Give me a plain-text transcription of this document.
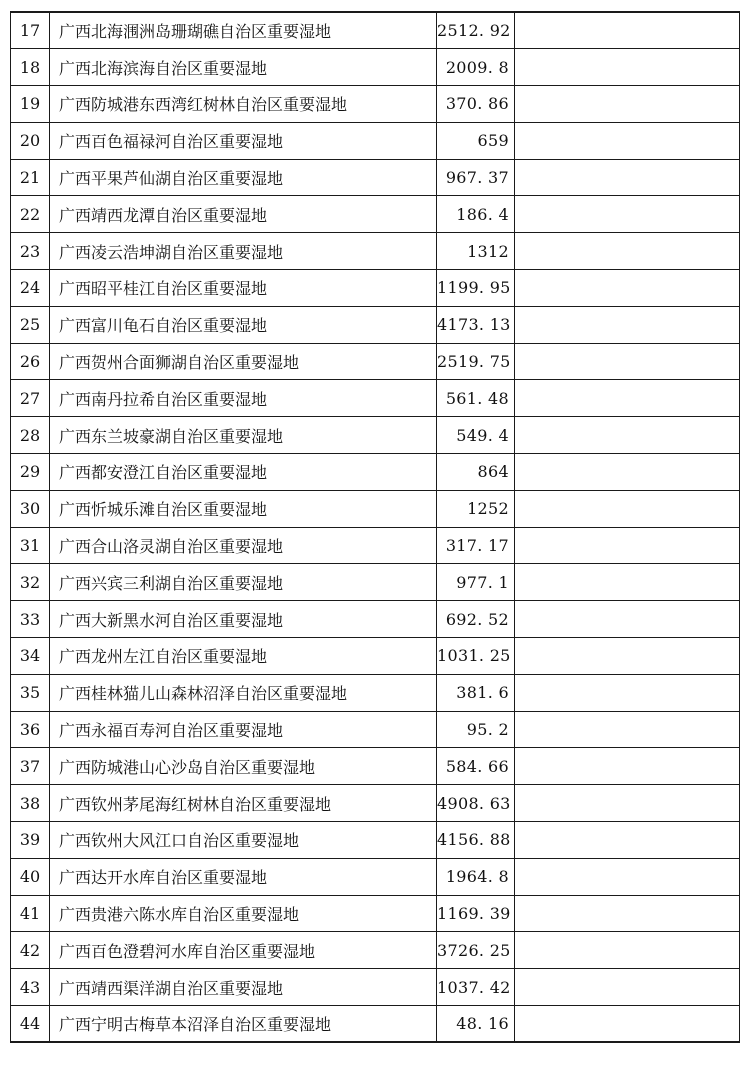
17	广西北海涠洲岛珊瑚礁自治区重要湿地	2512. 92	
18	广西北海滨海自治区重要湿地	2009. 8	
19	广西防城港东西湾红树林自治区重要湿地	370. 86	
20	广西百色福禄河自治区重要湿地	659	
21	广西平果芦仙湖自治区重要湿地	967. 37	
22	广西靖西龙潭自治区重要湿地	186. 4	
23	广西凌云浩坤湖自治区重要湿地	1312	
24	广西昭平桂江自治区重要湿地	1199. 95	
25	广西富川龟石自治区重要湿地	4173. 13	
26	广西贺州合面狮湖自治区重要湿地	2519. 75	
27	广西南丹拉希自治区重要湿地	561. 48	
28	广西东兰坡豪湖自治区重要湿地	549. 4	
29	广西都安澄江自治区重要湿地	864	
30	广西忻城乐滩自治区重要湿地	1252	
31	广西合山洛灵湖自治区重要湿地	317. 17	
32	广西兴宾三利湖自治区重要湿地	977. 1	
33	广西大新黑水河自治区重要湿地	692. 52	
34	广西龙州左江自治区重要湿地	1031. 25	
35	广西桂林猫儿山森林沼泽自治区重要湿地	381. 6	
36	广西永福百寿河自治区重要湿地	95. 2	
37	广西防城港山心沙岛自治区重要湿地	584. 66	
38	广西钦州茅尾海红树林自治区重要湿地	4908. 63	
39	广西钦州大风江口自治区重要湿地	4156. 88	
40	广西达开水库自治区重要湿地	1964. 8	
41	广西贵港六陈水库自治区重要湿地	1169. 39	
42	广西百色澄碧河水库自治区重要湿地	3726. 25	
43	广西靖西渠洋湖自治区重要湿地	1037. 42	
44	广西宁明古梅草本沼泽自治区重要湿地	48. 16	
